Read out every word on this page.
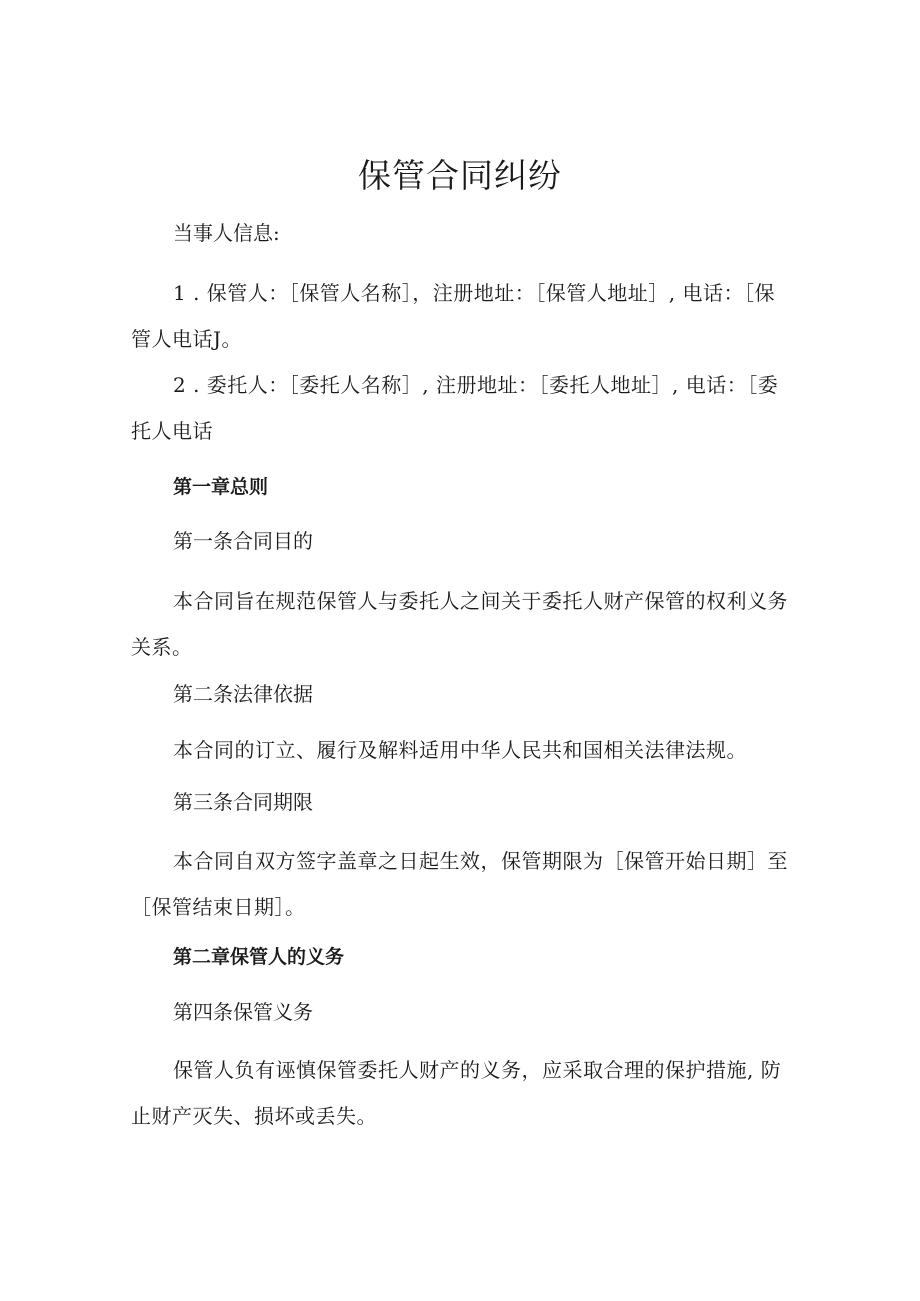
保管合同纠纷
当事人信息:
1 . 保管人：［保管人名称］，注册地址：［保管人地址］, 电话：［保管人电话J。
2 . 委托人：［委托人名称］, 注册地址：［委托人地址］, 电话：［委托人电话
第一章总则
第一条合同目的
本合同旨在规范保管人与委托人之间关于委托人财产保管的权利义务关系。
第二条法律依据
本合同的订立、履行及解料适用中华人民共和国相关法律法规。
第三条合同期限
本合同自双方签字盖章之日起生效，保管期限为［保管开始日期］至［保管结束日期］。
第二章保管人的义务
第四条保管义务
保管人负有诬慎保管委托人财产的义务，应采取合理的保护措施, 防止财产灭失、损坏或丢失。
